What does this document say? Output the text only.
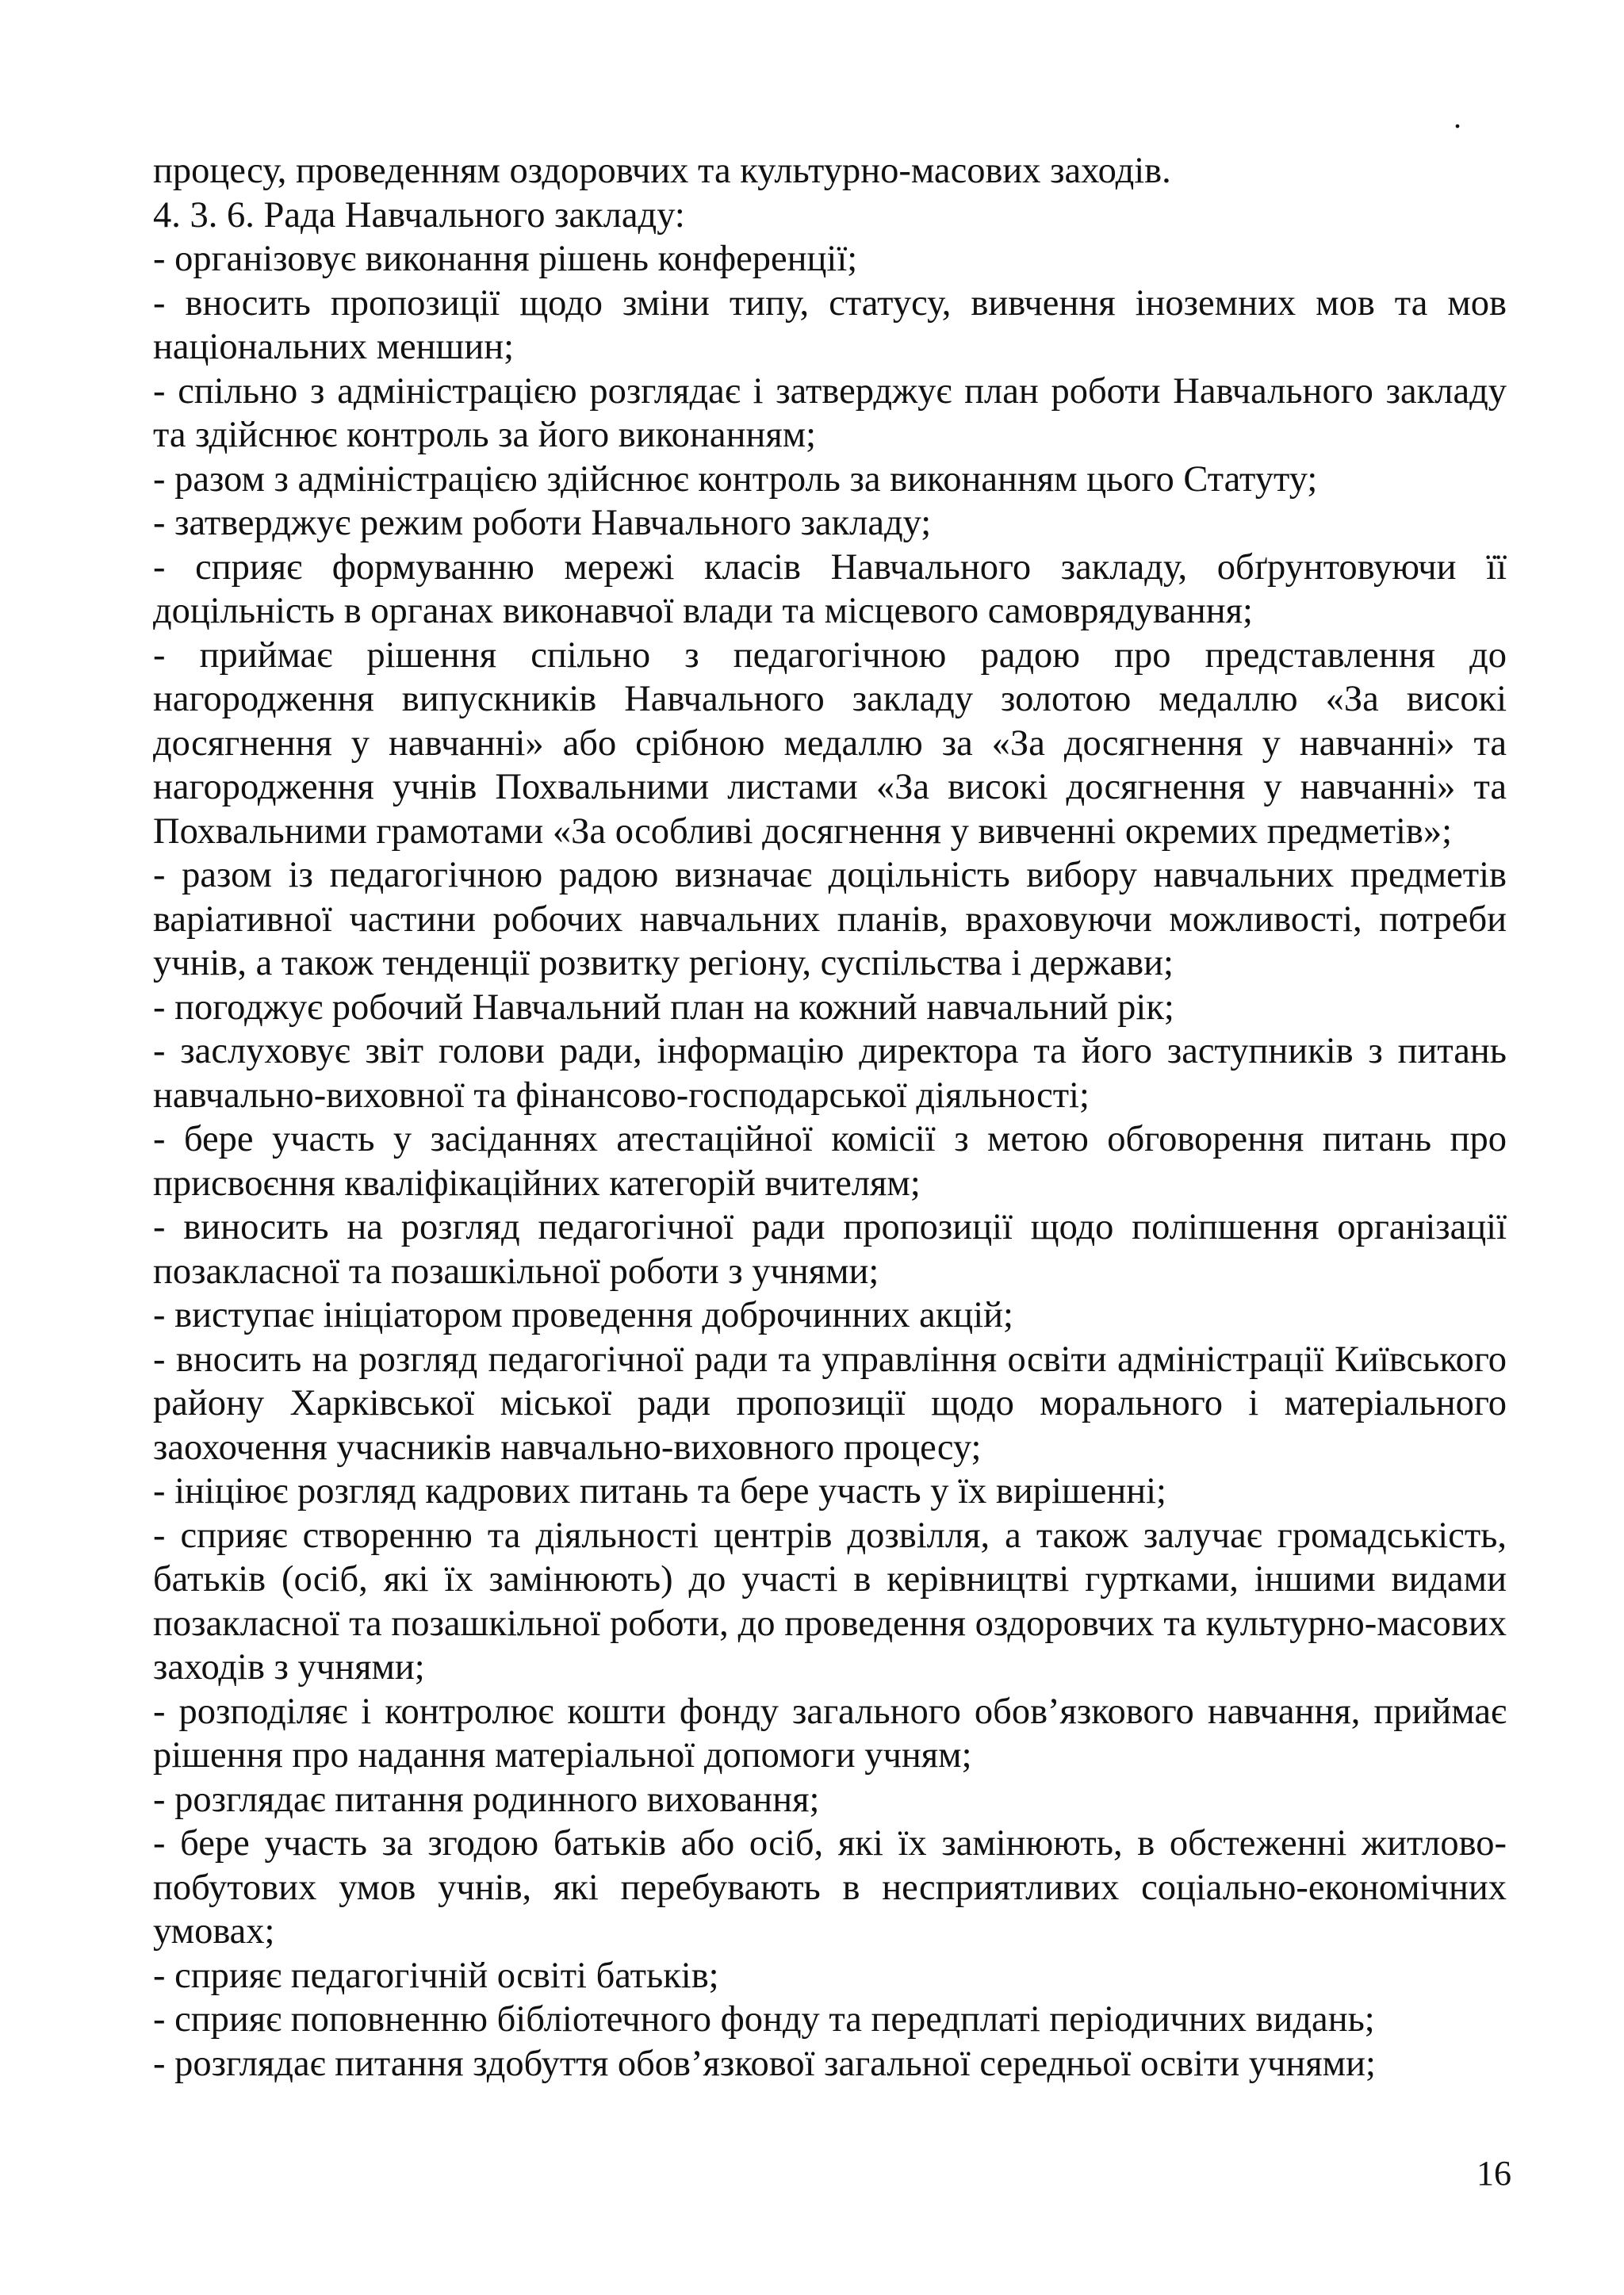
.

процесу, проведенням оздоровчих та культурно-масових заходів.

4. 3. 6. Рада Навчального закладу:

- організовує виконання рішень конференції;

- вносить пропозиції щодо зміни типу, статусу, вивчення іноземних мов та мов національних меншин;

- спільно з адміністрацією розглядає і затверджує план роботи Навчального закладу та здійснює контроль за його виконанням;

- разом з адміністрацією здійснює контроль за виконанням цього Статуту;

- затверджує режим роботи Навчального закладу;

- сприяє формуванню мережі класів Навчального закладу, обґрунтовуючи її доцільність в органах виконавчої влади та місцевого самоврядування;

- приймає рішення спільно з педагогічною радою про представлення до нагородження випускників Навчального закладу золотою медаллю «За високі досягнення у навчанні» або срібною медаллю за «За досягнення у навчанні» та нагородження учнів Похвальними листами «За високі досягнення у навчанні» та Похвальними грамотами «За особливі досягнення у вивченні окремих предметів»;

- разом із педагогічною радою визначає доцільність вибору навчальних предметів варіативної частини робочих навчальних планів, враховуючи можливості, потреби учнів, а також тенденції розвитку регіону, суспільства і держави;

- погоджує робочий Навчальний план на кожний навчальний рік;

- заслуховує звіт голови ради, інформацію директора та його заступників з питань навчально-виховної та фінансово-господарської діяльності;

- бере участь у засіданнях атестаційної комісії з метою обговорення питань про присвоєння кваліфікаційних категорій вчителям;

- виносить на розгляд педагогічної ради пропозиції щодо поліпшення організації позакласної та позашкільної роботи з учнями;

- виступає ініціатором проведення доброчинних акцій;

- вносить на розгляд педагогічної ради та управління освіти адміністрації Київського району Харківської міської ради пропозиції щодо морального і матеріального заохочення учасників навчально-виховного процесу;

- ініціює розгляд кадрових питань та бере участь у їх вирішенні;

- сприяє створенню та діяльності центрів дозвілля, а також залучає громадськість, батьків (осіб, які їх замінюють) до участі в керівництві гуртками, іншими видами позакласної та позашкільної роботи, до проведення оздоровчих та культурно-масових заходів з учнями;

- розподіляє і контролює кошти фонду загального обов’язкового навчання, приймає рішення про надання матеріальної допомоги учням;

- розглядає питання родинного виховання;

- бере участь за згодою батьків або осіб, які їх замінюють, в обстеженні житлово-побутових умов учнів, які перебувають в несприятливих соціально-економічних умовах;

- сприяє педагогічній освіті батьків;

- сприяє поповненню бібліотечного фонду та передплаті періодичних видань;

- розглядає питання здобуття обов’язкової загальної середньої освіти учнями;

16
